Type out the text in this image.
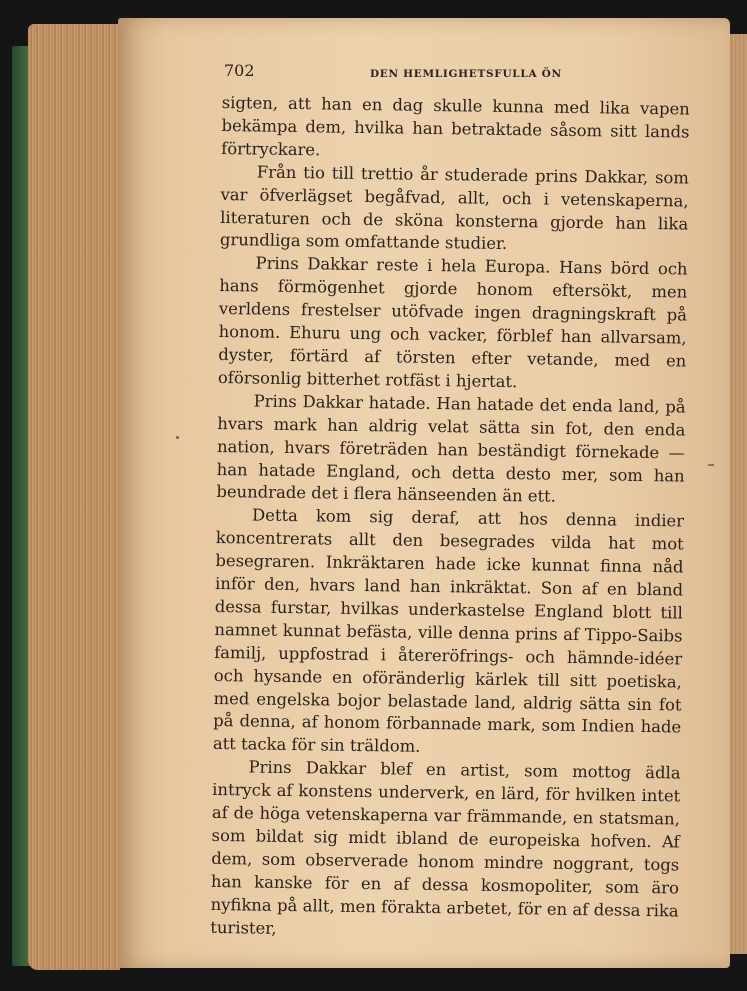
702	DEN HEMLIGHETSFULLA ÖN

sigten, att han en dag skulle kunna med lika vapen bekämpa dem, hvilka han betraktade såsom sitt lands förtryckare.

Från tio till trettio år studerade prins Dakkar, som var öfverlägset begåfvad, allt, och i vetenskaperna, literaturen och de sköna konsterna gjorde han lika grundliga som omfattande studier.

Prins Dakkar reste i hela Europa. Hans börd och hans förmögenhet gjorde honom eftersökt, men verldens frestelser utöfvade ingen dragningskraft på honom. Ehuru ung och vacker, förblef han allvarsam, dyster, förtärd af törsten efter vetande, med en oförsonlig bitterhet rotfäst i hjertat.

Prins Dakkar hatade. Han hatade det enda land, på hvars mark han aldrig velat sätta sin fot, den enda nation, hvars företräden han beständigt förnekade — han hatade England, och detta desto mer, som han beundrade det i flera hänseenden än ett.

Detta kom sig deraf, att hos denna indier koncentrerats allt den besegrades vilda hat mot besegraren. Inkräktaren hade icke kunnat finna nåd inför den, hvars land han inkräktat. Son af en bland dessa furstar, hvilkas underkastelse England blott till namnet kunnat befästa, ville denna prins af Tippo-Saibs familj, uppfostrad i återeröfrings- och hämnde-idéer och hysande en oföränderlig kärlek till sitt poetiska, med engelska bojor belastade land, aldrig sätta sin fot på denna, af honom förbannade mark, som Indien hade att tacka för sin träldom.

Prins Dakkar blef en artist, som mottog ädla intryck af konstens underverk, en lärd, för hvilken intet af de höga vetenskaperna var främmande, en statsman, som bildat sig midt ibland de europeiska hofven. Af dem, som observerade honom mindre noggrant, togs han kanske för en af dessa kosmopoliter, som äro nyfikna på allt, men förakta arbetet, för en af dessa rika turister,
